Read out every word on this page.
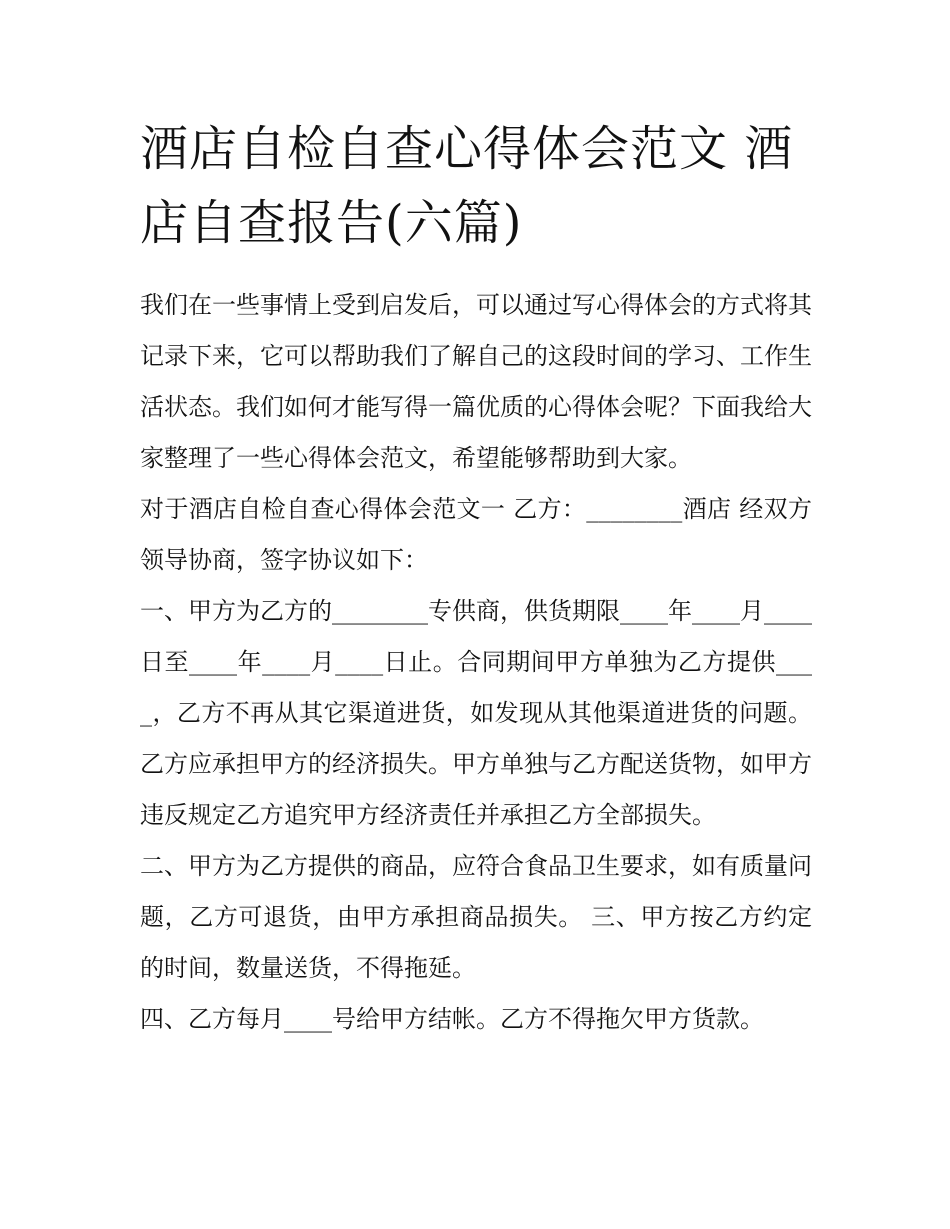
酒店自检自查心得体会范文 酒店自查报告(六篇)

我们在一些事情上受到启发后，可以通过写心得体会的方式将其记录下来，它可以帮助我们了解自己的这段时间的学习、工作生活状态。我们如何才能写得一篇优质的心得体会呢？下面我给大家整理了一些心得体会范文，希望能够帮助到大家。

对于酒店自检自查心得体会范文一 乙方：________酒店 经双方领导协商，签字协议如下：

一、甲方为乙方的________专供商，供货期限____年____月____日至____年____月____日止。合同期间甲方单独为乙方提供____，乙方不再从其它渠道进货，如发现从其他渠道进货的问题。乙方应承担甲方的经济损失。甲方单独与乙方配送货物，如甲方违反规定乙方追究甲方经济责任并承担乙方全部损失。

二、甲方为乙方提供的商品，应符合食品卫生要求，如有质量问题，乙方可退货，由甲方承担商品损失。 三、甲方按乙方约定的时间，数量送货，不得拖延。

四、乙方每月____号给甲方结帐。乙方不得拖欠甲方货款。
